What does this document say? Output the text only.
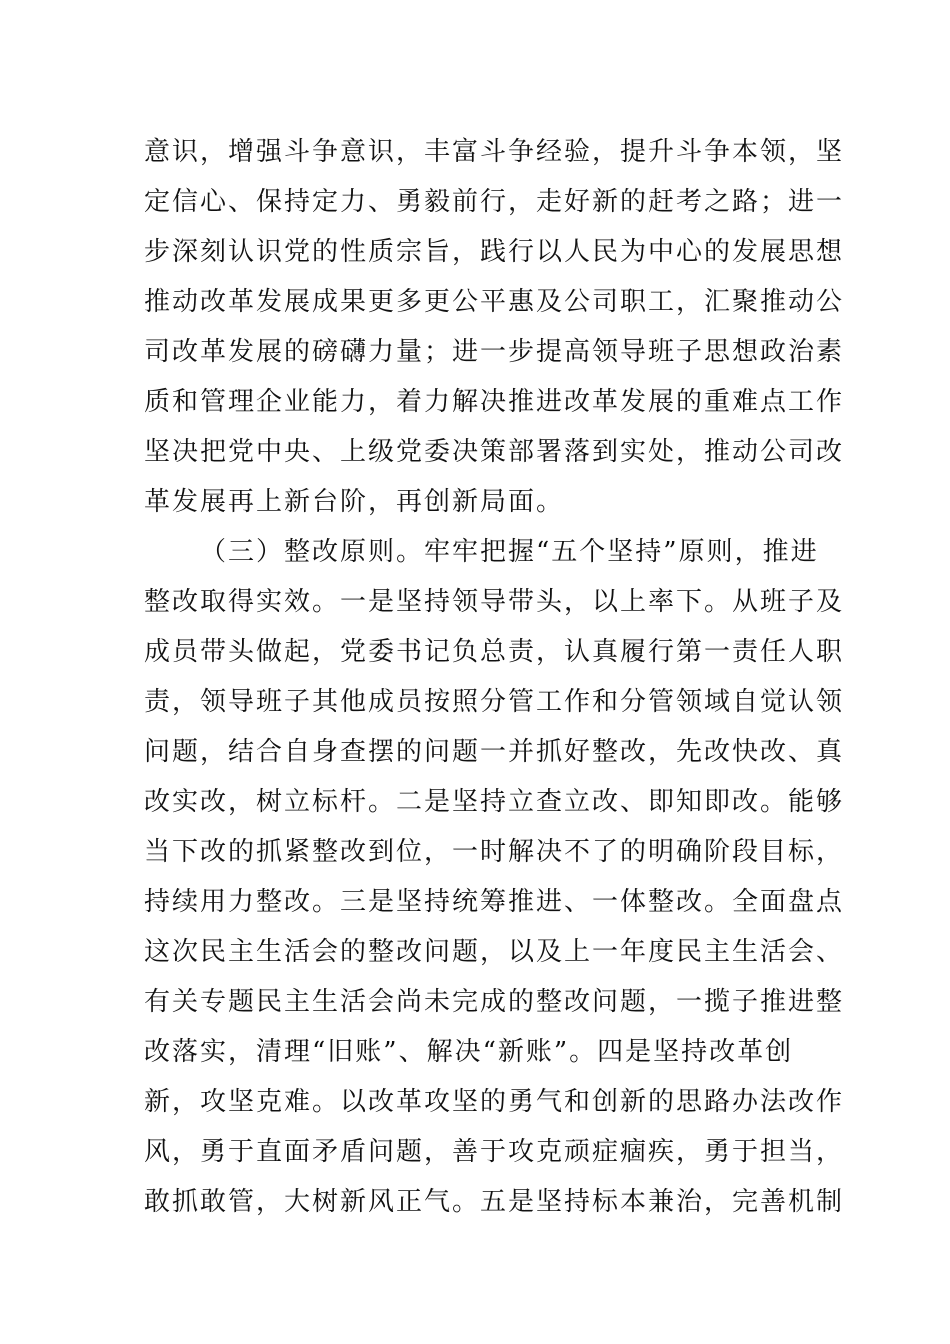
意识，增强斗争意识，丰富斗争经验，提升斗争本领，坚
定信心、保持定力、勇毅前行，走好新的赶考之路；进一
步深刻认识党的性质宗旨，践行以人民为中心的发展思想
推动改革发展成果更多更公平惠及公司职工，汇聚推动公
司改革发展的磅礴力量；进一步提高领导班子思想政治素
质和管理企业能力，着力解决推进改革发展的重难点工作
坚决把党中央、上级党委决策部署落到实处，推动公司改
革发展再上新台阶，再创新局面。
（三）整改原则。牢牢把握“五个坚持”原则，推进
整改取得实效。一是坚持领导带头，以上率下。从班子及
成员带头做起，党委书记负总责，认真履行第一责任人职
责，领导班子其他成员按照分管工作和分管领域自觉认领
问题，结合自身查摆的问题一并抓好整改，先改快改、真
改实改，树立标杆。二是坚持立查立改、即知即改。能够
当下改的抓紧整改到位，一时解决不了的明确阶段目标，
持续用力整改。三是坚持统筹推进、一体整改。全面盘点
这次民主生活会的整改问题，以及上一年度民主生活会、
有关专题民主生活会尚未完成的整改问题，一揽子推进整
改落实，清理“旧账”、解决“新账”。四是坚持改革创
新，攻坚克难。以改革攻坚的勇气和创新的思路办法改作
风，勇于直面矛盾问题，善于攻克顽症痼疾，勇于担当，
敢抓敢管，大树新风正气。五是坚持标本兼治，完善机制
